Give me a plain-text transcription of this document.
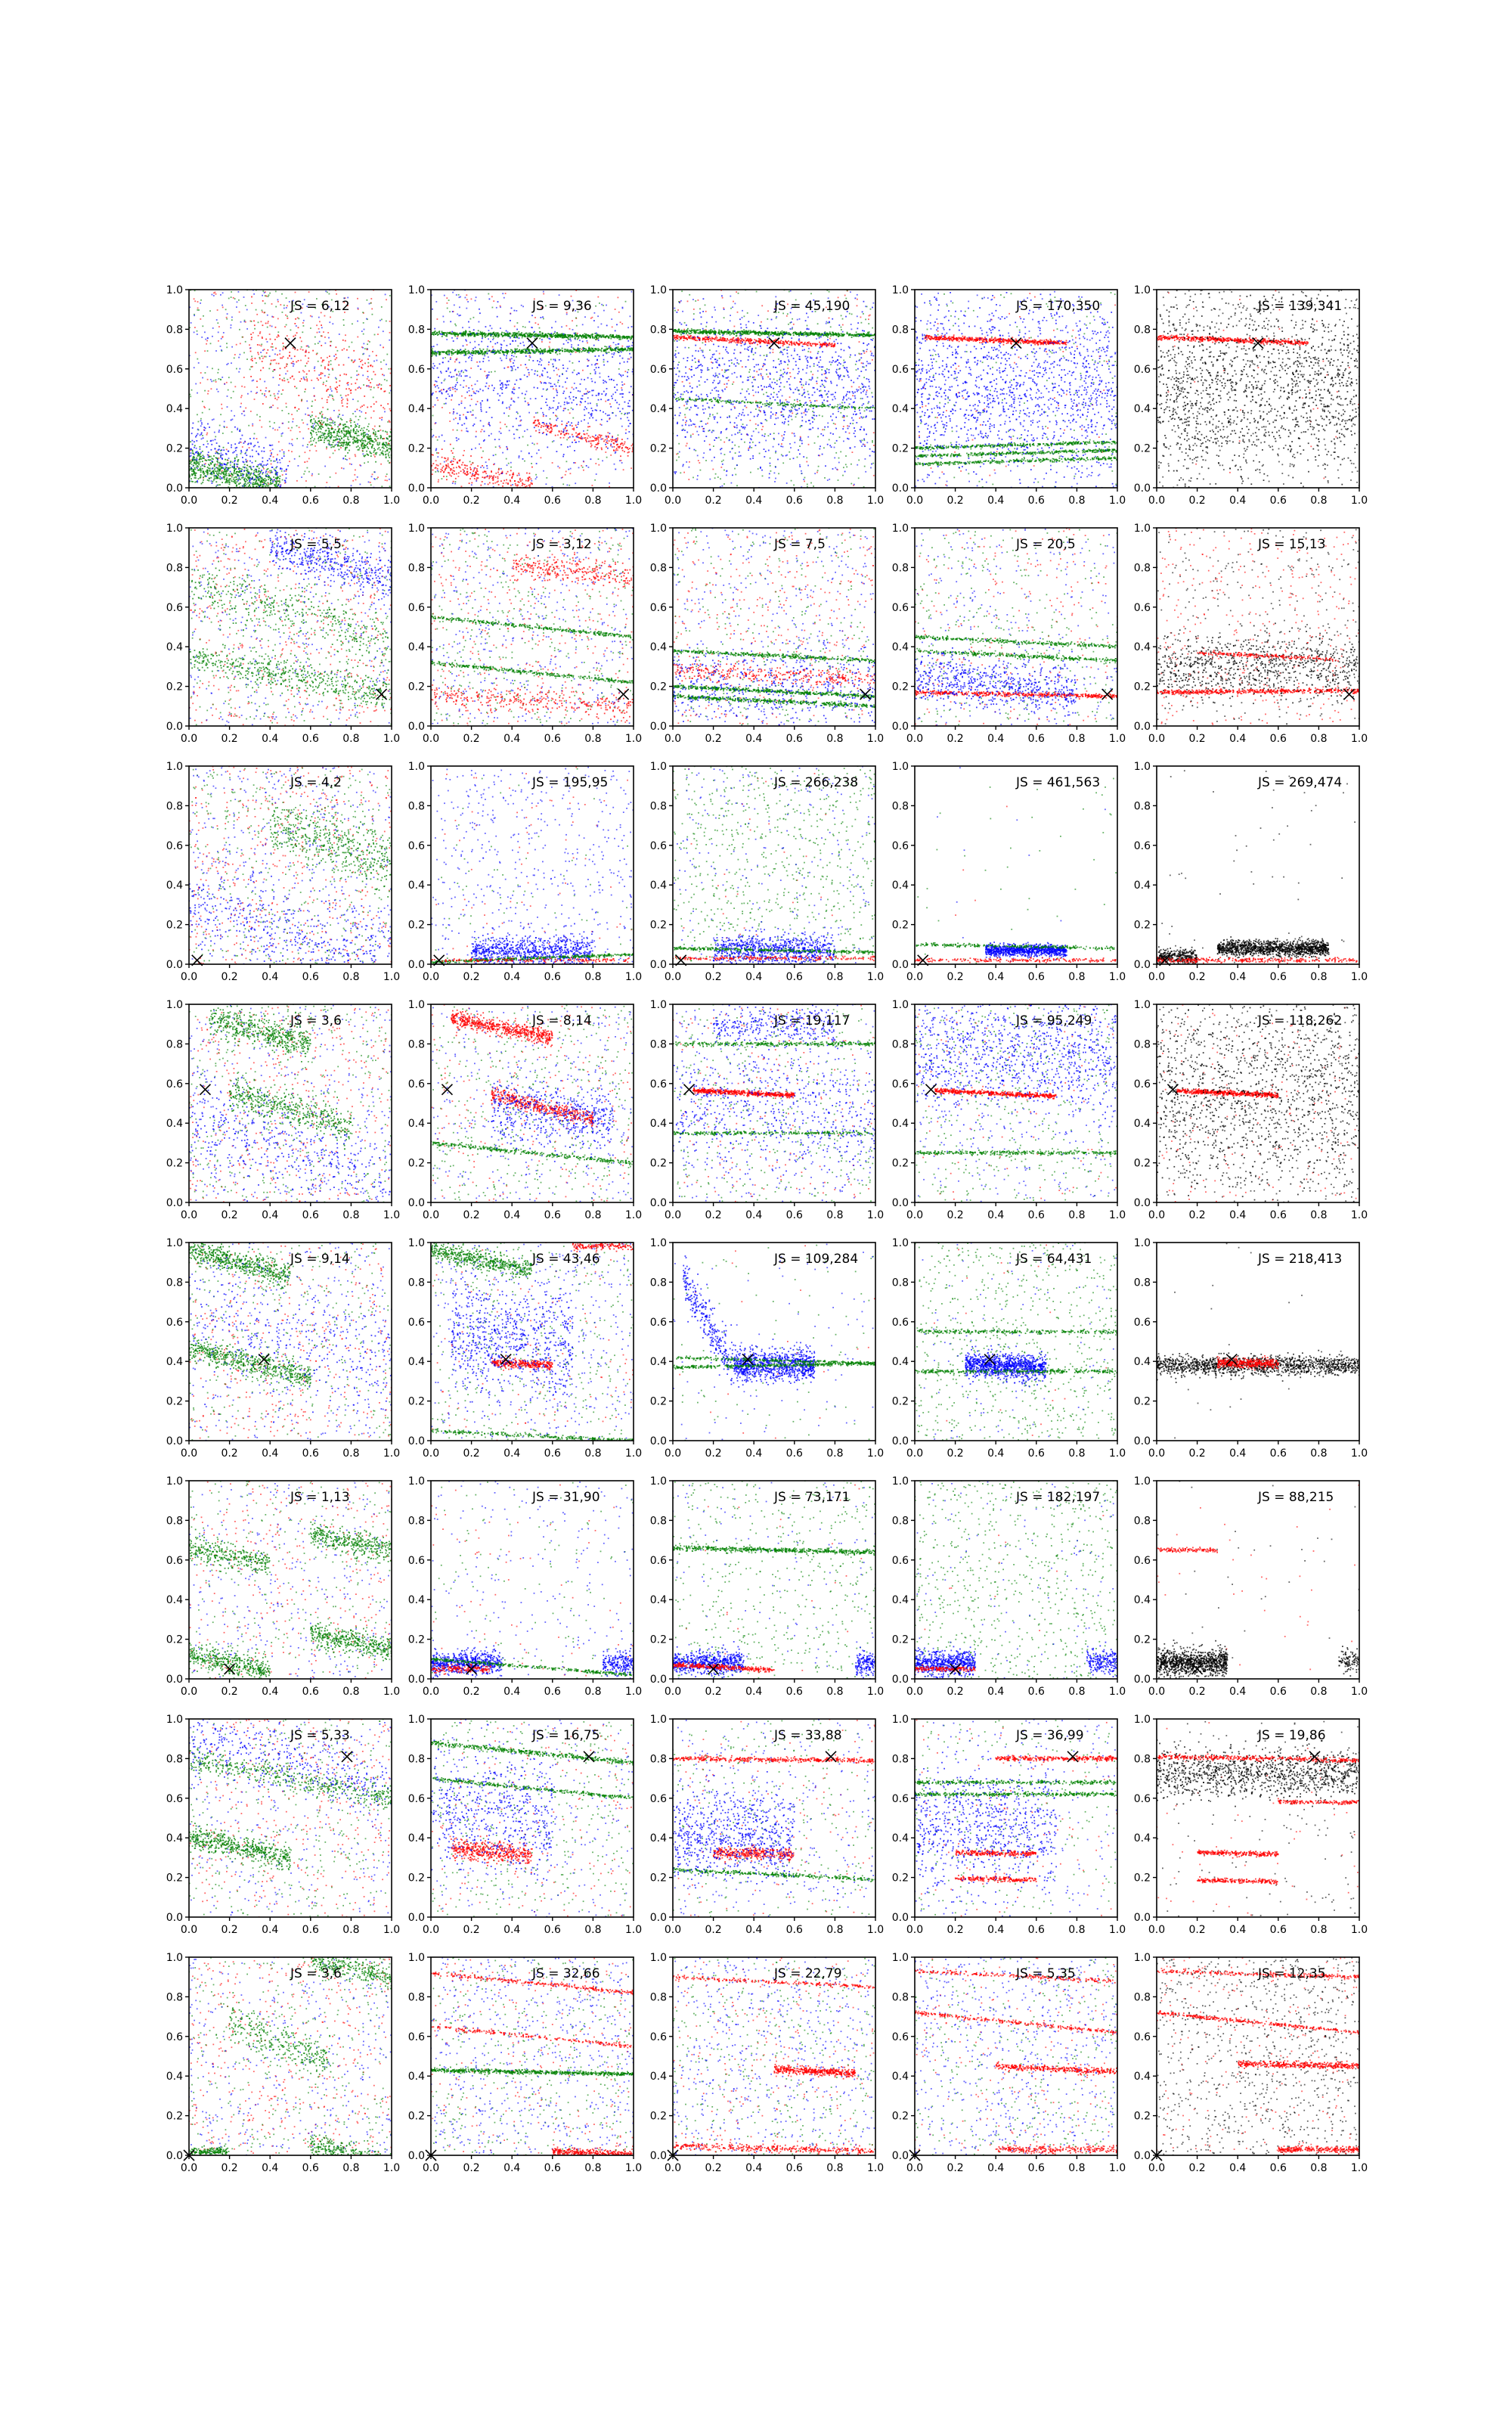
0.0 0.2 0.4 0.6 0.8 1.0
0.0
0.2
0.4
0.6
0.8
1.0
JS = 6,12
0.0 0.2 0.4 0.6 0.8 1.0
0.0
0.2
0.4
0.6
0.8
1.0
JS = 9,36
0.0 0.2 0.4 0.6 0.8 1.0
0.0
0.2
0.4
0.6
0.8
1.0
JS = 45,190
0.0 0.2 0.4 0.6 0.8 1.0
0.0
0.2
0.4
0.6
0.8
1.0
JS = 170,350
0.0 0.2 0.4 0.6 0.8 1.0
0.0
0.2
0.4
0.6
0.8
1.0
JS = 139,341
0.0 0.2 0.4 0.6 0.8 1.0
0.0
0.2
0.4
0.6
0.8
1.0
JS = 5,5
0.0 0.2 0.4 0.6 0.8 1.0
0.0
0.2
0.4
0.6
0.8
1.0
JS = 3,12
0.0 0.2 0.4 0.6 0.8 1.0
0.0
0.2
0.4
0.6
0.8
1.0
JS = 7,5
0.0 0.2 0.4 0.6 0.8 1.0
0.0
0.2
0.4
0.6
0.8
1.0
JS = 20,5
0.0 0.2 0.4 0.6 0.8 1.0
0.0
0.2
0.4
0.6
0.8
1.0
JS = 15,13
0.0 0.2 0.4 0.6 0.8 1.0
0.0
0.2
0.4
0.6
0.8
1.0
JS = 4,2
0.0 0.2 0.4 0.6 0.8 1.0
0.0
0.2
0.4
0.6
0.8
1.0
JS = 195,95
0.0 0.2 0.4 0.6 0.8 1.0
0.0
0.2
0.4
0.6
0.8
1.0
JS = 266,238
0.0 0.2 0.4 0.6 0.8 1.0
0.0
0.2
0.4
0.6
0.8
1.0
JS = 461,563
0.0 0.2 0.4 0.6 0.8 1.0
0.0
0.2
0.4
0.6
0.8
1.0
JS = 269,474
0.0 0.2 0.4 0.6 0.8 1.0
0.0
0.2
0.4
0.6
0.8
1.0
JS = 3,6
0.0 0.2 0.4 0.6 0.8 1.0
0.0
0.2
0.4
0.6
0.8
1.0
JS = 8,14
0.0 0.2 0.4 0.6 0.8 1.0
0.0
0.2
0.4
0.6
0.8
1.0
JS = 19,117
0.0 0.2 0.4 0.6 0.8 1.0
0.0
0.2
0.4
0.6
0.8
1.0
JS = 95,249
0.0 0.2 0.4 0.6 0.8 1.0
0.0
0.2
0.4
0.6
0.8
1.0
JS = 118,262
0.0 0.2 0.4 0.6 0.8 1.0
0.0
0.2
0.4
0.6
0.8
1.0
JS = 9,14
0.0 0.2 0.4 0.6 0.8 1.0
0.0
0.2
0.4
0.6
0.8
1.0
JS = 43,46
0.0 0.2 0.4 0.6 0.8 1.0
0.0
0.2
0.4
0.6
0.8
1.0
JS = 109,284
0.0 0.2 0.4 0.6 0.8 1.0
0.0
0.2
0.4
0.6
0.8
1.0
JS = 64,431
0.0 0.2 0.4 0.6 0.8 1.0
0.0
0.2
0.4
0.6
0.8
1.0
JS = 218,413
0.0 0.2 0.4 0.6 0.8 1.0
0.0
0.2
0.4
0.6
0.8
1.0
JS = 1,13
0.0 0.2 0.4 0.6 0.8 1.0
0.0
0.2
0.4
0.6
0.8
1.0
JS = 31,90
0.0 0.2 0.4 0.6 0.8 1.0
0.0
0.2
0.4
0.6
0.8
1.0
JS = 73,171
0.0 0.2 0.4 0.6 0.8 1.0
0.0
0.2
0.4
0.6
0.8
1.0
JS = 182,197
0.0 0.2 0.4 0.6 0.8 1.0
0.0
0.2
0.4
0.6
0.8
1.0
JS = 88,215
0.0 0.2 0.4 0.6 0.8 1.0
0.0
0.2
0.4
0.6
0.8
1.0
JS = 5,33
0.0 0.2 0.4 0.6 0.8 1.0
0.0
0.2
0.4
0.6
0.8
1.0
JS = 16,75
0.0 0.2 0.4 0.6 0.8 1.0
0.0
0.2
0.4
0.6
0.8
1.0
JS = 33,88
0.0 0.2 0.4 0.6 0.8 1.0
0.0
0.2
0.4
0.6
0.8
1.0
JS = 36,99
0.0 0.2 0.4 0.6 0.8 1.0
0.0
0.2
0.4
0.6
0.8
1.0
JS = 19,86
0.0 0.2 0.4 0.6 0.8 1.0
0.0
0.2
0.4
0.6
0.8
1.0
JS = 3,6
0.0 0.2 0.4 0.6 0.8 1.0
0.0
0.2
0.4
0.6
0.8
1.0
JS = 32,66
0.0 0.2 0.4 0.6 0.8 1.0
0.0
0.2
0.4
0.6
0.8
1.0
JS = 22,79
0.0 0.2 0.4 0.6 0.8 1.0
0.0
0.2
0.4
0.6
0.8
1.0
JS = 5,35
0.0 0.2 0.4 0.6 0.8 1.0
0.0
0.2
0.4
0.6
0.8
1.0
JS = 12,35
